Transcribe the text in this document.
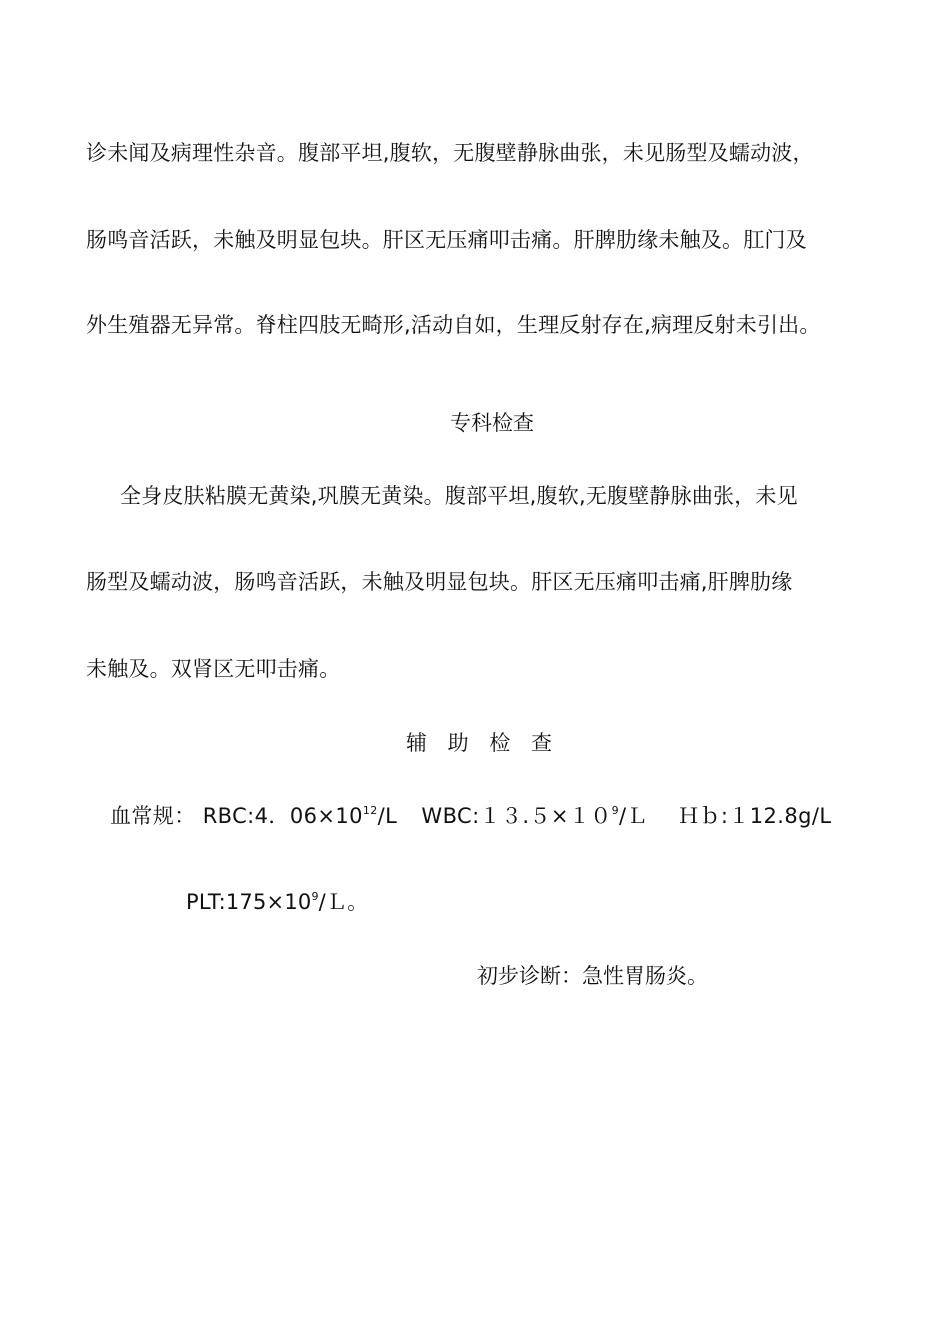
诊未闻及病理性杂音。腹部平坦,腹软，无腹壁静脉曲张，未见肠型及蠕动波，
肠鸣音活跃，未触及明显包块。肝区无压痛叩击痛。肝脾肋缘未触及。肛门及
外生殖器无异常。脊柱四肢无畸形,活动自如，生理反射存在,病理反射未引出。
专科检查
全身皮肤粘膜无黄染,巩膜无黄染。腹部平坦,腹软,无腹壁静脉曲张，未见
肠型及蠕动波，肠鸣音活跃，未触及明显包块。肝区无压痛叩击痛,肝脾肋缘
未触及。双肾区无叩击痛。
辅 助 检 查
血常规： RBC:4．$06\times 10^{12}/L$ $WBC:13.5\times 10^9/L$ Ｈｂ:１12.8g/L
$PLT:175\times 10^9/L$。
初步诊断：急性胃肠炎。
